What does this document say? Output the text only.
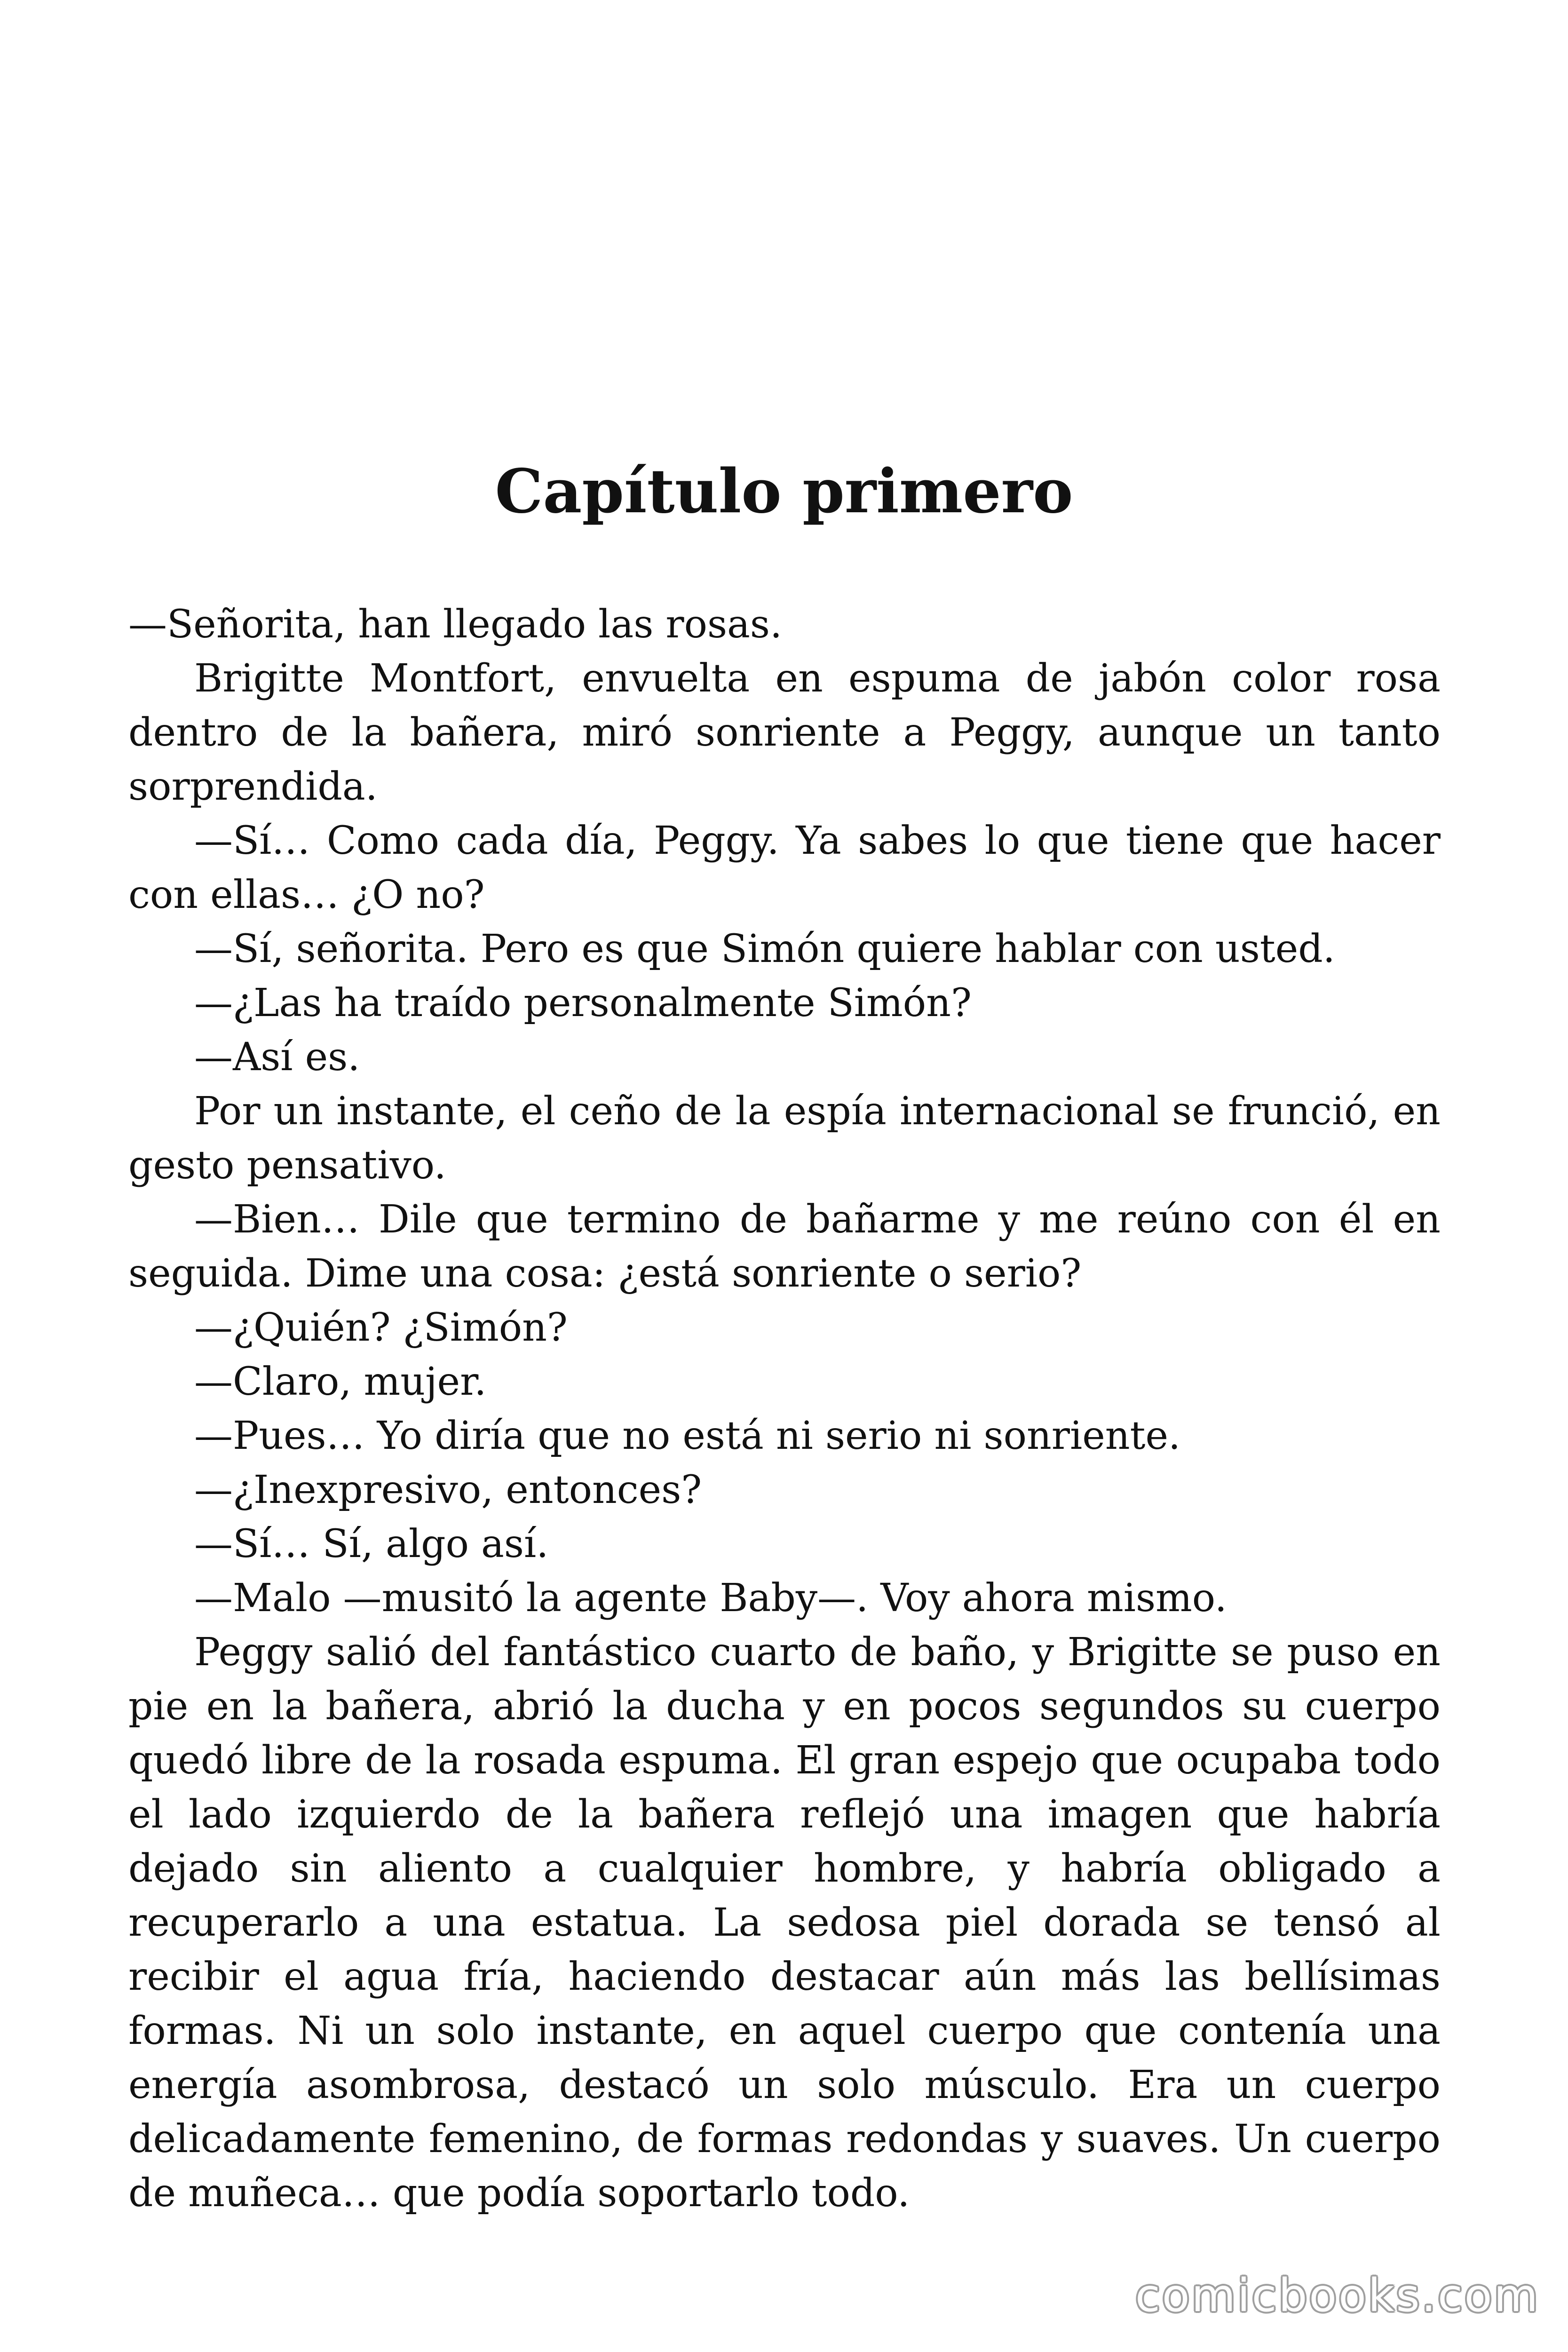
Capítulo primero

—Señorita, han llegado las rosas.

Brigitte Montfort, envuelta en espuma de jabón color rosa dentro de la bañera, miró sonriente a Peggy, aunque un tanto sorprendida.

—Sí… Como cada día, Peggy. Ya sabes lo que tiene que hacer con ellas… ¿O no?

—Sí, señorita. Pero es que Simón quiere hablar con usted.

—¿Las ha traído personalmente Simón?

—Así es.

Por un instante, el ceño de la espía internacional se frunció, en gesto pensativo.

—Bien… Dile que termino de bañarme y me reúno con él en seguida. Dime una cosa: ¿está sonriente o serio?

—¿Quién? ¿Simón?

—Claro, mujer.

—Pues… Yo diría que no está ni serio ni sonriente.

—¿Inexpresivo, entonces?

—Sí… Sí, algo así.

—Malo —musitó la agente Baby—. Voy ahora mismo.

Peggy salió del fantástico cuarto de baño, y Brigitte se puso en pie en la bañera, abrió la ducha y en pocos segundos su cuerpo quedó libre de la rosada espuma. El gran espejo que ocupaba todo el lado izquierdo de la bañera reflejó una imagen que habría dejado sin aliento a cualquier hombre, y habría obligado a recuperarlo a una estatua. La sedosa piel dorada se tensó al recibir el agua fría, haciendo destacar aún más las bellísimas formas. Ni un solo instante, en aquel cuerpo que contenía una energía asombrosa, destacó un solo músculo. Era un cuerpo delicadamente femenino, de formas redondas y suaves. Un cuerpo de muñeca… que podía soportarlo todo.

comicbooks.com
